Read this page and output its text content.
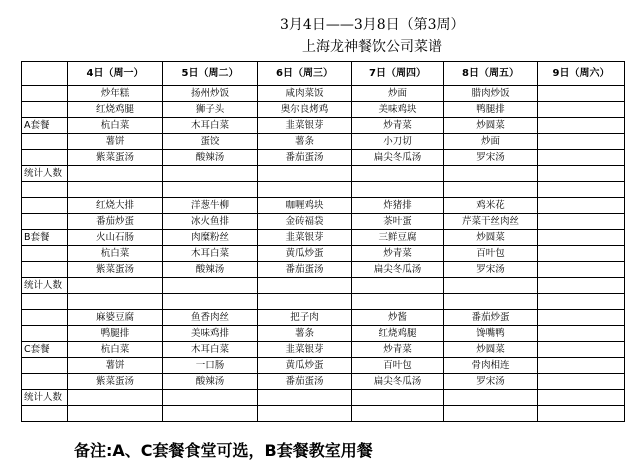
3月4日——3月8日（第3周）
上海龙神餐饮公司菜谱
	4日（周一）	5日（周二）	6日（周三）	7日（周四）	8日（周五）	9日（周六）
	炒年糕	扬州炒饭	咸肉菜饭	炒面	腊肉炒饭	
	红烧鸡腿	狮子头	奥尔良烤鸡	美味鸡块	鸭腿排	
A套餐	杭白菜	木耳白菜	韭菜银芽	炒青菜	炒圆菜	
	薯饼	蛋饺	薯条	小刀切	炒面	
	紫菜蛋汤	酸辣汤	番茄蛋汤	扁尖冬瓜汤	罗宋汤	
统计人数						

	红烧大排	洋葱牛柳	咖喱鸡块	炸猪排	鸡米花	
	番茄炒蛋	冰火鱼排	金砖福袋	茶叶蛋	芹菜干丝肉丝	
B套餐	火山石肠	肉糜粉丝	韭菜银芽	三鲜豆腐	炒圆菜	
	杭白菜	木耳白菜	黄瓜炒蛋	炒青菜	百叶包	
	紫菜蛋汤	酸辣汤	番茄蛋汤	扁尖冬瓜汤	罗宋汤	
统计人数						

	麻婆豆腐	鱼香肉丝	把子肉	炒酱	番茄炒蛋	
	鸭腿排	美味鸡排	薯条	红烧鸡腿	馋嘴鸭	
C套餐	杭白菜	木耳白菜	韭菜银芽	炒青菜	炒圆菜	
	薯饼	一口肠	黄瓜炒蛋	百叶包	骨肉相连	
	紫菜蛋汤	酸辣汤	番茄蛋汤	扁尖冬瓜汤	罗宋汤	
统计人数						

备注:A、C套餐食堂可选，B套餐教室用餐
